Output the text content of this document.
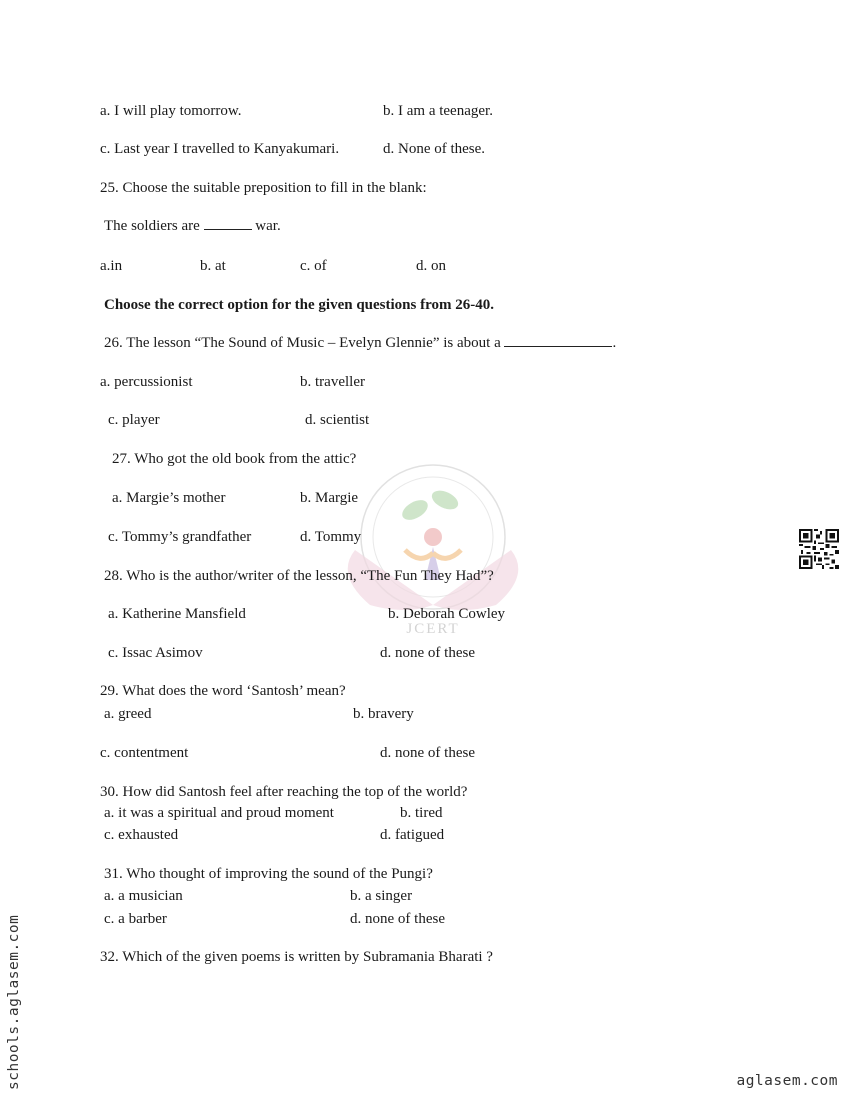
a. I will play tomorrow.	b. I am a teenager.
c. Last year I travelled to Kanyakumari.	d. None of these.
25. Choose the suitable preposition to fill in the blank:
The soldiers are	war.
a.in	b. at	c. of	d. on
Choose the correct option for the given questions from 26-40.
26. The lesson “The Sound of Music – Evelyn Glennie” is about a	.
a. percussionist	b. traveller
c. player	d. scientist
JCERT
27. Who got the old book from the attic?
a. Margie’s mother	b. Margie
c. Tommy’s grandfather	d. Tommy
28. Who is the author/writer of the lesson, “The Fun They Had”?
a. Katherine Mansfield	b. Deborah Cowley
c. Issac Asimov	d. none of these
29. What does the word ‘Santosh’ mean?
a. greed	b. bravery
c. contentment	d. none of these
30. How did Santosh feel after reaching the top of the world?
a. it was a spiritual and proud moment	b. tired
c. exhausted	d. fatigued
31. Who thought of improving the sound of the Pungi?
a. a musician	b. a singer
c. a barber	d. none of these
32. Which of the given poems is written by Subramania Bharati ?
schools.aglasem.com	aglasem.com
